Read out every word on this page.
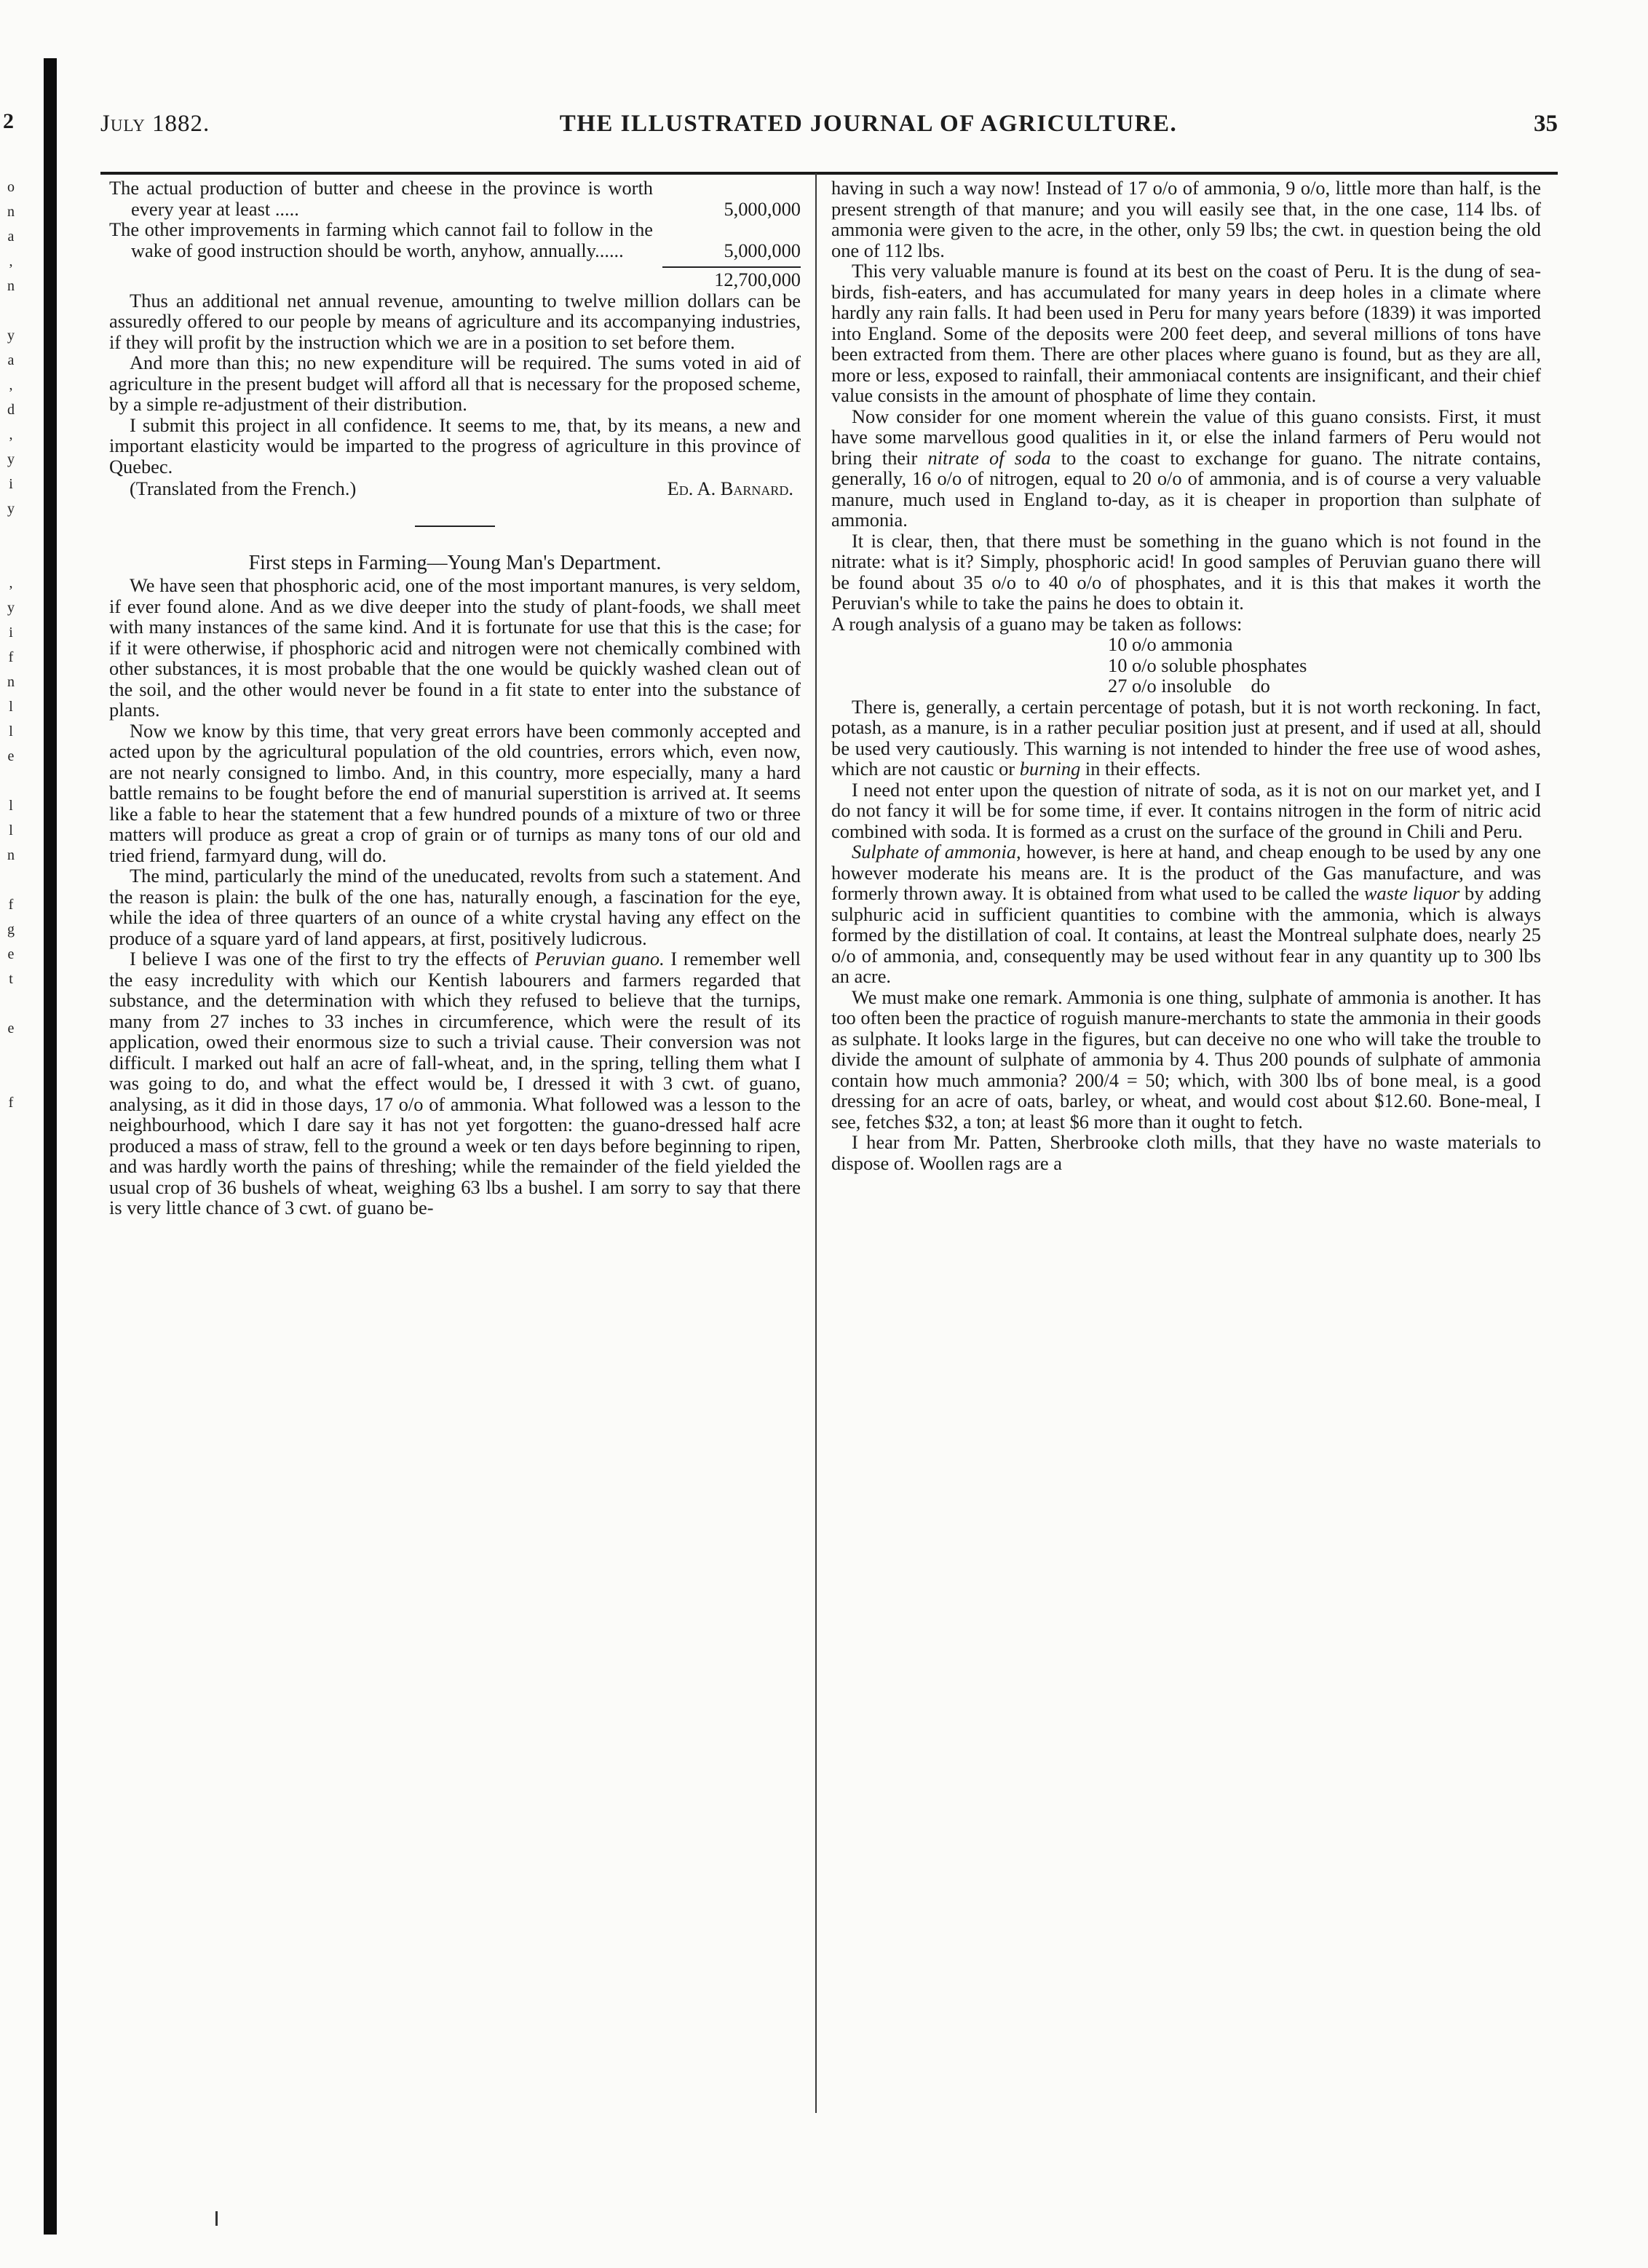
2
o
n
a
,
n

y
a
,
d
,
y
i
y

,
y
i
f
n
l
l
e

l
l
n

f
g
e
t

e

f

July 1882.	THE ILLUSTRATED JOURNAL OF AGRICULTURE.	35
The actual production of butter and cheese in the province is worth every year at least .....	5,000,000
The other improvements in farming which cannot fail to follow in the wake of good instruction should be worth, anyhow, annually......	5,000,000
12,700,000

Thus an additional net annual revenue, amounting to twelve million dollars can be assuredly offered to our people by means of agriculture and its accompanying industries, if they will profit by the instruction which we are in a position to set before them.

And more than this; no new expenditure will be required. The sums voted in aid of agriculture in the present budget will afford all that is necessary for the proposed scheme, by a simple re-adjustment of their distribution.

I submit this project in all confidence. It seems to me, that, by its means, a new and important elasticity would be imparted to the progress of agriculture in this province of Quebec.

(Translated from the French.)	Ed. A. Barnard.
First steps in Farming—Young Man's Department.

We have seen that phosphoric acid, one of the most important manures, is very seldom, if ever found alone. And as we dive deeper into the study of plant-foods, we shall meet with many instances of the same kind. And it is fortunate for use that this is the case; for if it were otherwise, if phosphoric acid and nitrogen were not chemically combined with other substances, it is most probable that the one would be quickly washed clean out of the soil, and the other would never be found in a fit state to enter into the substance of plants.

Now we know by this time, that very great errors have been commonly accepted and acted upon by the agricultural population of the old countries, errors which, even now, are not nearly consigned to limbo. And, in this country, more especially, many a hard battle remains to be fought before the end of manurial superstition is arrived at. It seems like a fable to hear the statement that a few hundred pounds of a mixture of two or three matters will produce as great a crop of grain or of turnips as many tons of our old and tried friend, farmyard dung, will do.

The mind, particularly the mind of the uneducated, revolts from such a statement. And the reason is plain: the bulk of the one has, naturally enough, a fascination for the eye, while the idea of three quarters of an ounce of a white crystal having any effect on the produce of a square yard of land appears, at first, positively ludicrous.

I believe I was one of the first to try the effects of Peruvian guano. I remember well the easy incredulity with which our Kentish labourers and farmers regarded that substance, and the determination with which they refused to believe that the turnips, many from 27 inches to 33 inches in circumference, which were the result of its application, owed their enormous size to such a trivial cause. Their conversion was not difficult. I marked out half an acre of fall-wheat, and, in the spring, telling them what I was going to do, and what the effect would be, I dressed it with 3 cwt. of guano, analysing, as it did in those days, 17 o/o of ammonia. What followed was a lesson to the neighbourhood, which I dare say it has not yet forgotten: the guano-dressed half acre produced a mass of straw, fell to the ground a week or ten days before beginning to ripen, and was hardly worth the pains of threshing; while the remainder of the field yielded the usual crop of 36 bushels of wheat, weighing 63 lbs a bushel. I am sorry to say that there is very little chance of 3 cwt. of guano be-

having in such a way now! Instead of 17 o/o of ammonia, 9 o/o, little more than half, is the present strength of that manure; and you will easily see that, in the one case, 114 lbs. of ammonia were given to the acre, in the other, only 59 lbs; the cwt. in question being the old one of 112 lbs.

This very valuable manure is found at its best on the coast of Peru. It is the dung of sea-birds, fish-eaters, and has accumulated for many years in deep holes in a climate where hardly any rain falls. It had been used in Peru for many years before (1839) it was imported into England. Some of the deposits were 200 feet deep, and several millions of tons have been extracted from them. There are other places where guano is found, but as they are all, more or less, exposed to rainfall, their ammoniacal contents are insignificant, and their chief value consists in the amount of phosphate of lime they contain.

Now consider for one moment wherein the value of this guano consists. First, it must have some marvellous good qualities in it, or else the inland farmers of Peru would not bring their nitrate of soda to the coast to exchange for guano. The nitrate contains, generally, 16 o/o of nitrogen, equal to 20 o/o of ammonia, and is of course a very valuable manure, much used in England to-day, as it is cheaper in proportion than sulphate of ammonia.

It is clear, then, that there must be something in the guano which is not found in the nitrate: what is it? Simply, phosphoric acid! In good samples of Peruvian guano there will be found about 35 o/o to 40 o/o of phosphates, and it is this that makes it worth the Peruvian's while to take the pains he does to obtain it.

A rough analysis of a guano may be taken as follows:

10 o/o ammonia
10 o/o soluble phosphates
27 o/o insoluble    do

There is, generally, a certain percentage of potash, but it is not worth reckoning. In fact, potash, as a manure, is in a rather peculiar position just at present, and if used at all, should be used very cautiously. This warning is not intended to hinder the free use of wood ashes, which are not caustic or burning in their effects.

I need not enter upon the question of nitrate of soda, as it is not on our market yet, and I do not fancy it will be for some time, if ever. It contains nitrogen in the form of nitric acid combined with soda. It is formed as a crust on the surface of the ground in Chili and Peru.

Sulphate of ammonia, however, is here at hand, and cheap enough to be used by any one however moderate his means are. It is the product of the Gas manufacture, and was formerly thrown away. It is obtained from what used to be called the waste liquor by adding sulphuric acid in sufficient quantities to combine with the ammonia, which is always formed by the distillation of coal. It contains, at least the Montreal sulphate does, nearly 25 o/o of ammonia, and, consequently may be used without fear in any quantity up to 300 lbs an acre.

We must make one remark. Ammonia is one thing, sulphate of ammonia is another. It has too often been the practice of roguish manure-merchants to state the ammonia in their goods as sulphate. It looks large in the figures, but can deceive no one who will take the trouble to divide the amount of sulphate of ammonia by 4. Thus 200 pounds of sulphate of ammonia contain how much ammonia? 200/4 = 50; which, with 300 lbs of bone meal, is a good dressing for an acre of oats, barley, or wheat, and would cost about $12.60. Bone-meal, I see, fetches $32, a ton; at least $6 more than it ought to fetch.

I hear from Mr. Patten, Sherbrooke cloth mills, that they have no waste materials to dispose of. Woollen rags are a
